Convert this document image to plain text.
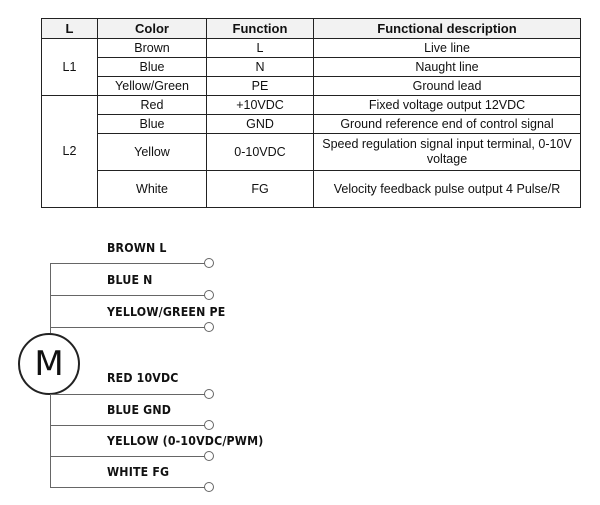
L	Color	Function	Functional description
L1	Brown	L	Live line
	Blue	N	Naught line
	Yellow/Green	PE	Ground lead
L2	Red	+10VDC	Fixed voltage output 12VDC
	Blue	GND	Ground reference end of control signal
	Yellow	0-10VDC	Speed regulation signal input terminal, 0-10V voltage
	White	FG	Velocity feedback pulse output 4 Pulse/R
BROWN L
BLUE N
YELLOW/GREEN PE
M	RED 10VDC
BLUE GND
YELLOW (0-10VDC/PWM)
WHITE FG
